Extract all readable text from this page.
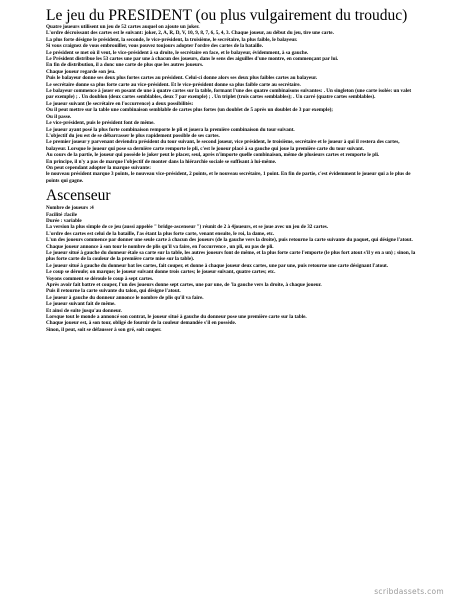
Le jeu du PRESIDENT (ou plus vulgairement du trouduc)

Quatre joueurs utilisent un jeu de 52 cartes auquel on ajoute un joker.

L'ordre décroissant des cartes est le suivant: joker, 2, A, R, D, V, 10, 9, 8, 7, 6, 5, 4, 3. Chaque joueur, au début du jeu, tire une carte.

La plus forte désigne le président, la seconde, le vice-président, la troisième, le secrétaire, la plus faible, le balayeur.

Si vous craignez de vous embrouiller, vous pouvez toujours adopter l'ordre des cartes de la bataille.

Le président se met où il veut, le vice-président à sa droite, le secrétaire en face, et le balayeur, évidemment, à sa gauche.

Le Président distribue les 53 cartes une par une à chacun des joueurs, dans le sens des aiguilles d'une montre, en commençant par lui.

En fin de distribution, il a donc une carte de plus que les autres joueurs.

Chaque joueur regarde son jeu.

Puis le balayeur donne ses deux plus fortes cartes au président. Celui-ci donne alors ses deux plus faibles cartes au balayeur.

Le secrétaire donne sa plus forte carte au vice-président. Et le vice-président donne sa plus faible carte au secrétaire.

Le balayeur commence à jouer en posant de une à quatre cartes sur la table, formant l'une des quatre combinaisons suivantes: . Un singleton (une carte isolée: un valet par exemple) ; . Un doublon (deux cartes semblables, deux 7 par exemple) ; . Un triplet (trois cartes semblables); . Un carré (quatre cartes semblables).

Le joueur suivant (le secrétaire en l'occurrence) a deux possibilités:

Ou il peut mettre sur la table une combinaison semblable de cartes plus fortes (un doublet de 5 après un doublet de 3 par exemple);

Ou il passe.

Le vice-président, puis le président font de même.

Le joueur ayant posé la plus forte combinaison remporte le pli et jouera la première combinaison du tour suivant.

L'objectif du jeu est de se débarrasser le plus rapidement possible de ses cartes.

Le premier joueur y parvenant deviendra président du tour suivant, le second joueur, vice président, le troisième, secrétaire et le joueur à qui il restera des cartes, balayeur. Lorsque le joueur qui pose sa dernière carte remporte le pli, c'est le joueur placé à sa gauche qui joue la première carte du tour suivant.

Au cours de la partie, le joueur qui possède le joker peut le placer, seul, après n'importe quelle combinaison, même de plusieurs cartes et remporte le pli.

En principe, il n'y a pas de marque l'objectif de monter dans la hiérarchie sociale se suffisant à lui-même.

On peut cependant adopter la marque suivante:

le nouveau président marque 3 points, le nouveau vice-président, 2 points, et le nouveau secrétaire, 1 point. En fin de partie, c'est évidemment le joueur qui a le plus de points qui gagne.

Ascenseur

Nombre de joueurs :4

Facilité :facile

Durée : variable

La version la plus simple de ce jeu (aussi appelée " bridge-ascenseur ") réunit de 2 à 4joueurs, et se joue avec un jeu de 32 cartes.

L'ordre des cartes est celui de la bataille, l'as étant la plus forte carte, venant ensuite, le roi, la dame, etc.

L'un des joueurs commence par donner une seule carte à chacun des joueurs (de la gauche vers la droite), puis retourne la carte suivante du paquet, qui désigne l'atout. Chaque joueur annonce à son tour le nombre de plis qu'il va faire, en l'occurrence , un pli, ou pas de pli.

Le joueur situé à gauche du donneur étale sa carte sur la table, les autres joueurs font de même, et la plus forte carte l'emporte (le plus fort atout s'il y en a un) ; sinon, la plus forte carte de la couleur de la première carte mise sur la table).

Le joueur situé à gauche du donneur bat les cartes, fait couper, et donne à chaque joueur deux cartes, une par une, puis retourne une carte désignant l'atout.

Le coup se déroule; on marque; le joueur suivant donne trois cartes; le joueur suivant, quatre cartes; etc.

Voyons comment se déroule le coup à sept cartes.

Après avoir fait battre et couper, l'un des joueurs donne sept cartes, une par une, de 'la gauche vers la droite, à chaque joueur.

Puis il retourne la carte suivante du talon, qui désigne l'atout.

Le joueur à gauche du donneur annonce le nombre de plis qu'il va faire.

Le joueur suivant fait de même.

Et ainsi de suite jusqu'au donneur.

Lorsque tout le monde a annoncé son contrat, le joueur situé à gauche du donneur pose une première carte sur la table.

Chaque joueur est, à son tour, obligé de fournir de la couleur demandée s'il en possède.

Sinon, il peut, soit se défausser à son gré, soit couper.

scribdassets.com
